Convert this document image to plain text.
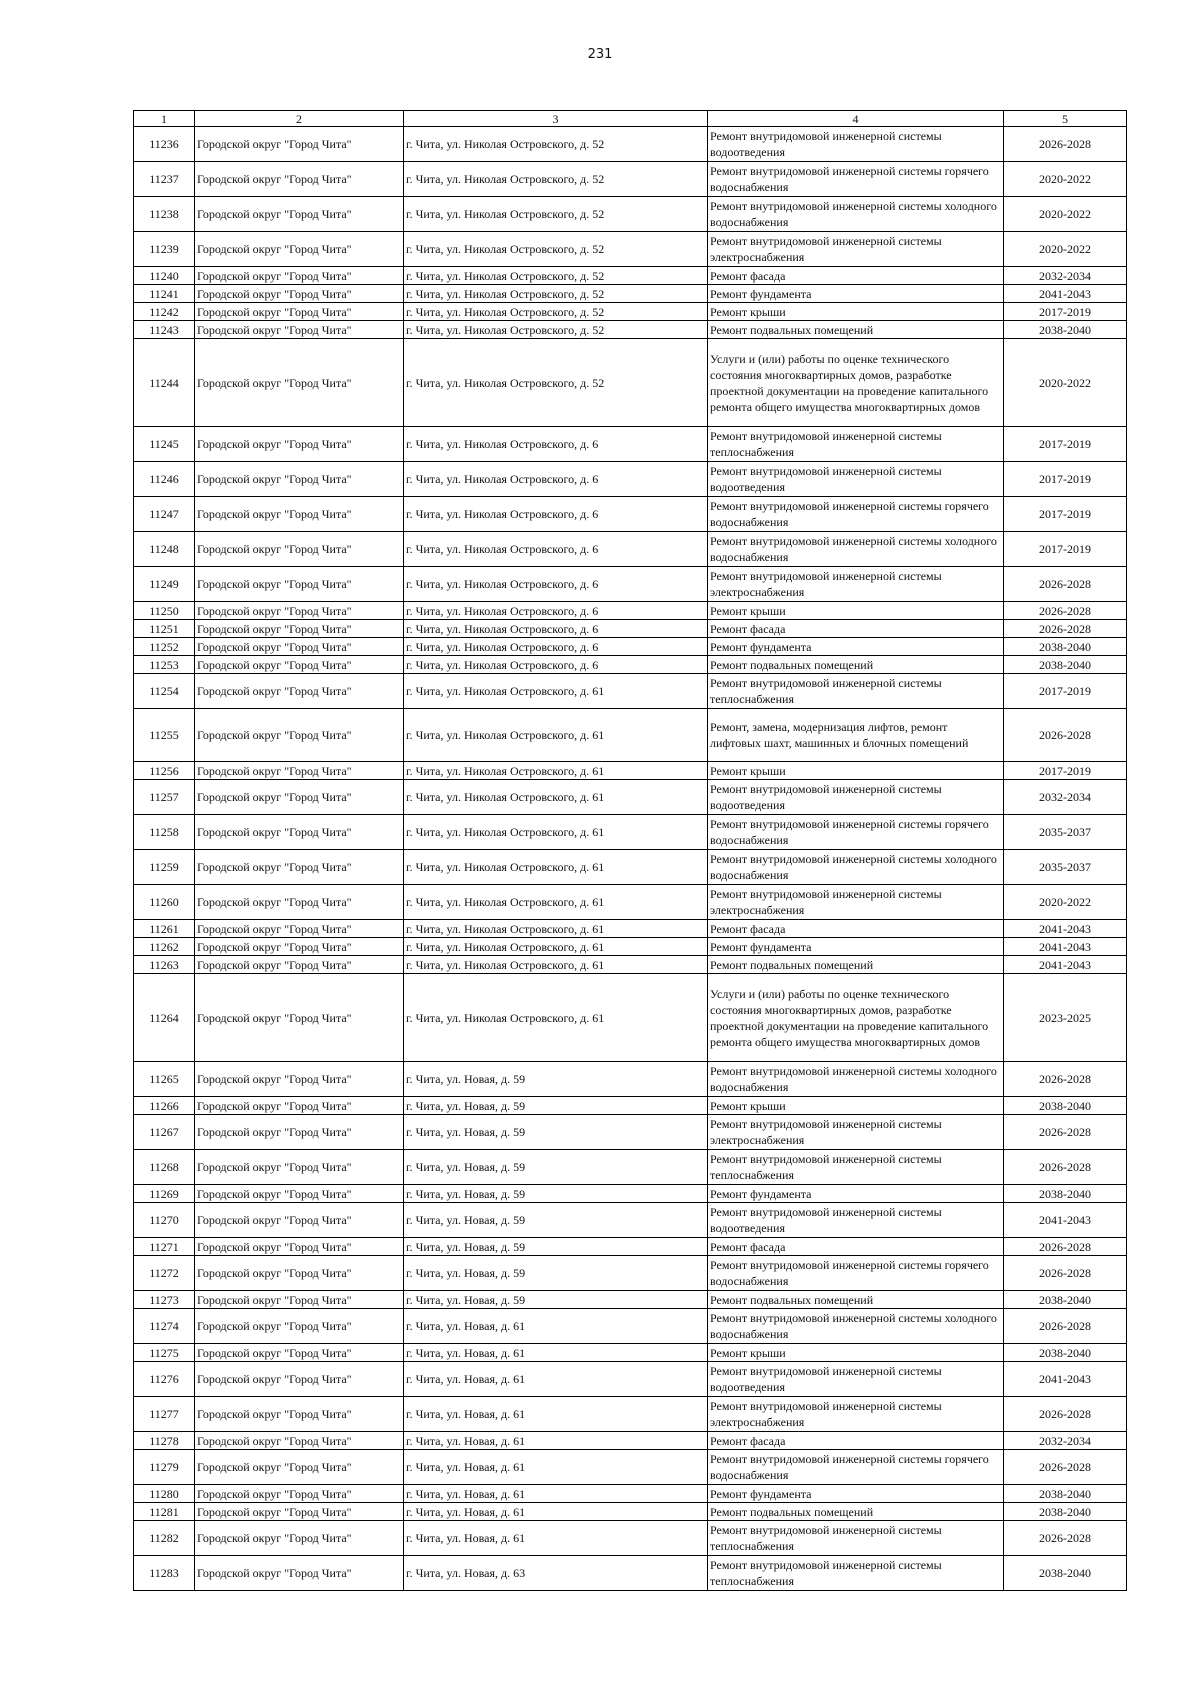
231
1	2	3	4	5
11236	Городской округ "Город Чита"	г. Чита, ул. Николая Островского, д. 52	Ремонт внутридомовой инженерной системы водоотведения	2026-2028
11237	Городской округ "Город Чита"	г. Чита, ул. Николая Островского, д. 52	Ремонт внутридомовой инженерной системы горячего водоснабжения	2020-2022
11238	Городской округ "Город Чита"	г. Чита, ул. Николая Островского, д. 52	Ремонт внутридомовой инженерной системы холодного водоснабжения	2020-2022
11239	Городской округ "Город Чита"	г. Чита, ул. Николая Островского, д. 52	Ремонт внутридомовой инженерной системы электроснабжения	2020-2022
11240	Городской округ "Город Чита"	г. Чита, ул. Николая Островского, д. 52	Ремонт фасада	2032-2034
11241	Городской округ "Город Чита"	г. Чита, ул. Николая Островского, д. 52	Ремонт фундамента	2041-2043
11242	Городской округ "Город Чита"	г. Чита, ул. Николая Островского, д. 52	Ремонт крыши	2017-2019
11243	Городской округ "Город Чита"	г. Чита, ул. Николая Островского, д. 52	Ремонт подвальных помещений	2038-2040
11244	Городской округ "Город Чита"	г. Чита, ул. Николая Островского, д. 52	Услуги и (или) работы по оценке технического состояния многоквартирных домов, разработке проектной документации на проведение капитального ремонта общего имущества многоквартирных домов	2020-2022
11245	Городской округ "Город Чита"	г. Чита, ул. Николая Островского, д. 6	Ремонт внутридомовой инженерной системы теплоснабжения	2017-2019
11246	Городской округ "Город Чита"	г. Чита, ул. Николая Островского, д. 6	Ремонт внутридомовой инженерной системы водоотведения	2017-2019
11247	Городской округ "Город Чита"	г. Чита, ул. Николая Островского, д. 6	Ремонт внутридомовой инженерной системы горячего водоснабжения	2017-2019
11248	Городской округ "Город Чита"	г. Чита, ул. Николая Островского, д. 6	Ремонт внутридомовой инженерной системы холодного водоснабжения	2017-2019
11249	Городской округ "Город Чита"	г. Чита, ул. Николая Островского, д. 6	Ремонт внутридомовой инженерной системы электроснабжения	2026-2028
11250	Городской округ "Город Чита"	г. Чита, ул. Николая Островского, д. 6	Ремонт крыши	2026-2028
11251	Городской округ "Город Чита"	г. Чита, ул. Николая Островского, д. 6	Ремонт фасада	2026-2028
11252	Городской округ "Город Чита"	г. Чита, ул. Николая Островского, д. 6	Ремонт фундамента	2038-2040
11253	Городской округ "Город Чита"	г. Чита, ул. Николая Островского, д. 6	Ремонт подвальных помещений	2038-2040
11254	Городской округ "Город Чита"	г. Чита, ул. Николая Островского, д. 61	Ремонт внутридомовой инженерной системы теплоснабжения	2017-2019
11255	Городской округ "Город Чита"	г. Чита, ул. Николая Островского, д. 61	Ремонт, замена, модернизация лифтов, ремонт лифтовых шахт, машинных и блочных помещений	2026-2028
11256	Городской округ "Город Чита"	г. Чита, ул. Николая Островского, д. 61	Ремонт крыши	2017-2019
11257	Городской округ "Город Чита"	г. Чита, ул. Николая Островского, д. 61	Ремонт внутридомовой инженерной системы водоотведения	2032-2034
11258	Городской округ "Город Чита"	г. Чита, ул. Николая Островского, д. 61	Ремонт внутридомовой инженерной системы горячего водоснабжения	2035-2037
11259	Городской округ "Город Чита"	г. Чита, ул. Николая Островского, д. 61	Ремонт внутридомовой инженерной системы холодного водоснабжения	2035-2037
11260	Городской округ "Город Чита"	г. Чита, ул. Николая Островского, д. 61	Ремонт внутридомовой инженерной системы электроснабжения	2020-2022
11261	Городской округ "Город Чита"	г. Чита, ул. Николая Островского, д. 61	Ремонт фасада	2041-2043
11262	Городской округ "Город Чита"	г. Чита, ул. Николая Островского, д. 61	Ремонт фундамента	2041-2043
11263	Городской округ "Город Чита"	г. Чита, ул. Николая Островского, д. 61	Ремонт подвальных помещений	2041-2043
11264	Городской округ "Город Чита"	г. Чита, ул. Николая Островского, д. 61	Услуги и (или) работы по оценке технического состояния многоквартирных домов, разработке проектной документации на проведение капитального ремонта общего имущества многоквартирных домов	2023-2025
11265	Городской округ "Город Чита"	г. Чита, ул. Новая, д. 59	Ремонт внутридомовой инженерной системы холодного водоснабжения	2026-2028
11266	Городской округ "Город Чита"	г. Чита, ул. Новая, д. 59	Ремонт крыши	2038-2040
11267	Городской округ "Город Чита"	г. Чита, ул. Новая, д. 59	Ремонт внутридомовой инженерной системы электроснабжения	2026-2028
11268	Городской округ "Город Чита"	г. Чита, ул. Новая, д. 59	Ремонт внутридомовой инженерной системы теплоснабжения	2026-2028
11269	Городской округ "Город Чита"	г. Чита, ул. Новая, д. 59	Ремонт фундамента	2038-2040
11270	Городской округ "Город Чита"	г. Чита, ул. Новая, д. 59	Ремонт внутридомовой инженерной системы водоотведения	2041-2043
11271	Городской округ "Город Чита"	г. Чита, ул. Новая, д. 59	Ремонт фасада	2026-2028
11272	Городской округ "Город Чита"	г. Чита, ул. Новая, д. 59	Ремонт внутридомовой инженерной системы горячего водоснабжения	2026-2028
11273	Городской округ "Город Чита"	г. Чита, ул. Новая, д. 59	Ремонт подвальных помещений	2038-2040
11274	Городской округ "Город Чита"	г. Чита, ул. Новая, д. 61	Ремонт внутридомовой инженерной системы холодного водоснабжения	2026-2028
11275	Городской округ "Город Чита"	г. Чита, ул. Новая, д. 61	Ремонт крыши	2038-2040
11276	Городской округ "Город Чита"	г. Чита, ул. Новая, д. 61	Ремонт внутридомовой инженерной системы водоотведения	2041-2043
11277	Городской округ "Город Чита"	г. Чита, ул. Новая, д. 61	Ремонт внутридомовой инженерной системы электроснабжения	2026-2028
11278	Городской округ "Город Чита"	г. Чита, ул. Новая, д. 61	Ремонт фасада	2032-2034
11279	Городской округ "Город Чита"	г. Чита, ул. Новая, д. 61	Ремонт внутридомовой инженерной системы горячего водоснабжения	2026-2028
11280	Городской округ "Город Чита"	г. Чита, ул. Новая, д. 61	Ремонт фундамента	2038-2040
11281	Городской округ "Город Чита"	г. Чита, ул. Новая, д. 61	Ремонт подвальных помещений	2038-2040
11282	Городской округ "Город Чита"	г. Чита, ул. Новая, д. 61	Ремонт внутридомовой инженерной системы теплоснабжения	2026-2028
11283	Городской округ "Город Чита"	г. Чита, ул. Новая, д. 63	Ремонт внутридомовой инженерной системы теплоснабжения	2038-2040
